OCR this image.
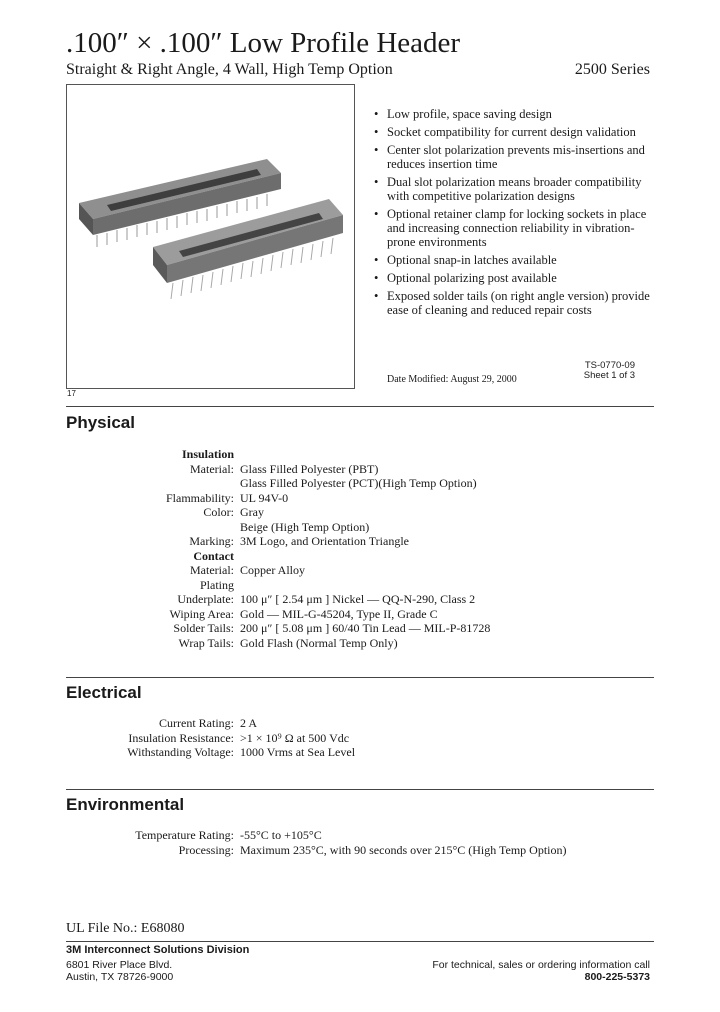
.100″ × .100″ Low Profile Header
Straight & Right Angle, 4 Wall, High Temp Option	2500 Series
17
• Low profile, space saving design
• Socket compatibility for current design validation
• Center slot polarization prevents mis-insertions and reduces insertion time
• Dual slot polarization means broader compatibility with competitive polarization designs
• Optional retainer clamp for locking sockets in place and increasing connection reliability in vibration-prone environments
• Optional snap-in latches available
• Optional polarizing post available
• Exposed solder tails (on right angle version) provide ease of cleaning and reduced repair costs
TS-0770-09
Sheet 1 of 3
Date Modified: August 29, 2000
Physical
Insulation
Material: Glass Filled Polyester (PBT)
Glass Filled Polyester (PCT)(High Temp Option)
Flammability: UL 94V-0
Color: Gray
Beige (High Temp Option)
Marking: 3M Logo, and Orientation Triangle
Contact
Material: Copper Alloy
Plating
Underplate: 100 μ″ [ 2.54 μm ] Nickel — QQ-N-290, Class 2
Wiping Area: Gold — MIL-G-45204, Type II, Grade C
Solder Tails: 200 μ″ [ 5.08 μm ] 60/40 Tin Lead — MIL-P-81728
Wrap Tails: Gold Flash (Normal Temp Only)
Electrical
Current Rating: 2 A
Insulation Resistance: >1 × 10⁹ Ω at 500 Vdc
Withstanding Voltage: 1000 Vrms at Sea Level
Environmental
Temperature Rating: -55°C to +105°C
Processing: Maximum 235°C, with 90 seconds over 215°C (High Temp Option)
UL File No.: E68080
3M Interconnect Solutions Division
6801 River Place Blvd.
Austin, TX 78726-9000
For technical, sales or ordering information call
800-225-5373
